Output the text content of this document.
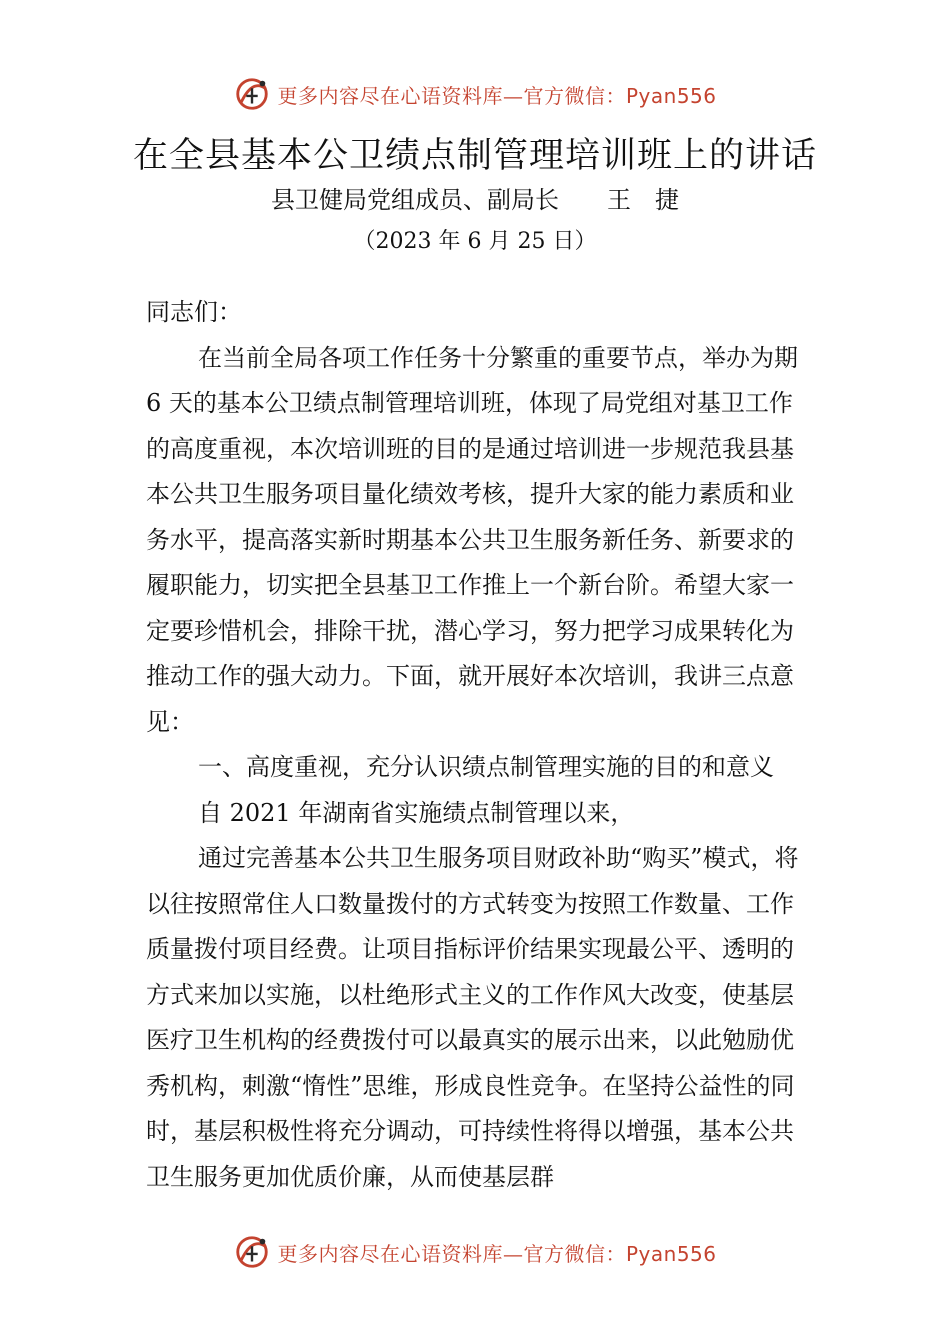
更多内容尽在心语资料库—官方微信：Pyan556
在全县基本公卫绩点制管理培训班上的讲话
县卫健局党组成员、副局长　　王　捷
（2023 年 6 月 25 日）

同志们：

在当前全局各项工作任务十分繁重的重要节点，举办为期 6 天的基本公卫绩点制管理培训班，体现了局党组对基卫工作的高度重视，本次培训班的目的是通过培训进一步规范我县基本公共卫生服务项目量化绩效考核，提升大家的能力素质和业务水平，提高落实新时期基本公共卫生服务新任务、新要求的履职能力，切实把全县基卫工作推上一个新台阶。希望大家一定要珍惜机会，排除干扰，潜心学习，努力把学习成果转化为推动工作的强大动力。下面，就开展好本次培训，我讲三点意见：

一、高度重视，充分认识绩点制管理实施的目的和意义

自 2021 年湖南省实施绩点制管理以来，

通过完善基本公共卫生服务项目财政补助“购买”模式，将以往按照常住人口数量拨付的方式转变为按照工作数量、工作质量拨付项目经费。让项目指标评价结果实现最公平、透明的方式来加以实施，以杜绝形式主义的工作作风大改变，使基层医疗卫生机构的经费拨付可以最真实的展示出来，以此勉励优秀机构，刺激“惰性”思维，形成良性竞争。在坚持公益性的同时，基层积极性将充分调动，可持续性将得以增强，基本公共卫生服务更加优质价廉，从而使基层群

更多内容尽在心语资料库—官方微信：Pyan556
